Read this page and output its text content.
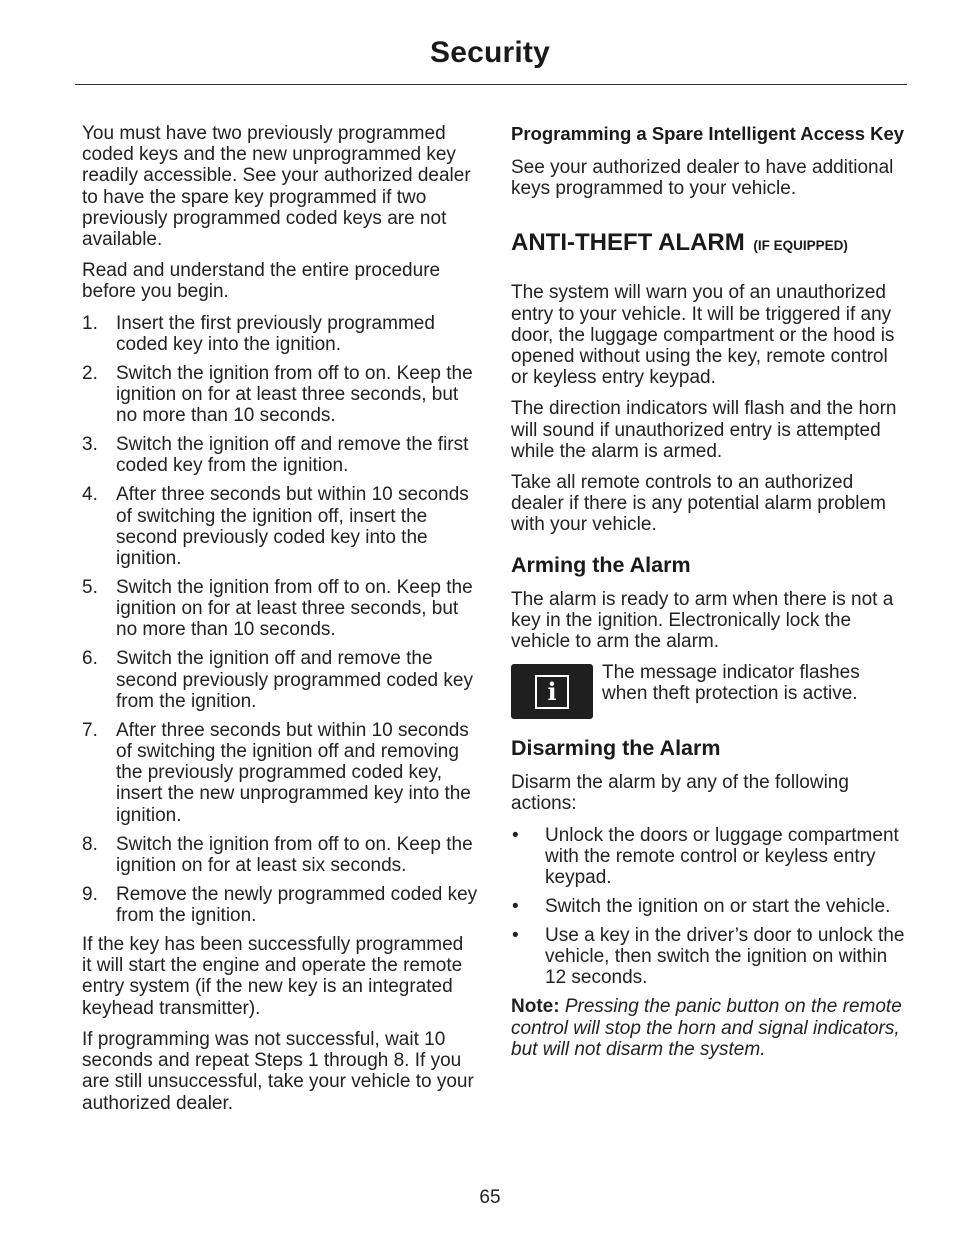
Security

You must have two previously programmed coded keys and the new unprogrammed key readily accessible. See your authorized dealer to have the spare key programmed if two previously programmed coded keys are not available.

Read and understand the entire procedure before you begin.

1. Insert the first previously programmed coded key into the ignition.
2. Switch the ignition from off to on. Keep the ignition on for at least three seconds, but no more than 10 seconds.
3. Switch the ignition off and remove the first coded key from the ignition.
4. After three seconds but within 10 seconds of switching the ignition off, insert the second previously coded key into the ignition.
5. Switch the ignition from off to on. Keep the ignition on for at least three seconds, but no more than 10 seconds.
6. Switch the ignition off and remove the second previously programmed coded key from the ignition.
7. After three seconds but within 10 seconds of switching the ignition off and removing the previously programmed coded key, insert the new unprogrammed key into the ignition.
8. Switch the ignition from off to on. Keep the ignition on for at least six seconds.
9. Remove the newly programmed coded key from the ignition.

If the key has been successfully programmed it will start the engine and operate the remote entry system (if the new key is an integrated keyhead transmitter).

If programming was not successful, wait 10 seconds and repeat Steps 1 through 8. If you are still unsuccessful, take your vehicle to your authorized dealer.

Programming a Spare Intelligent Access Key

See your authorized dealer to have additional keys programmed to your vehicle.

ANTI-THEFT ALARM (IF EQUIPPED)

The system will warn you of an unauthorized entry to your vehicle. It will be triggered if any door, the luggage compartment or the hood is opened without using the key, remote control or keyless entry keypad.

The direction indicators will flash and the horn will sound if unauthorized entry is attempted while the alarm is armed.

Take all remote controls to an authorized dealer if there is any potential alarm problem with your vehicle.

Arming the Alarm

The alarm is ready to arm when there is not a key in the ignition. Electronically lock the vehicle to arm the alarm.

i
The message indicator flashes when theft protection is active.
Disarming the Alarm

Disarm the alarm by any of the following actions:

•	Unlock the doors or luggage compartment with the remote control or keyless entry keypad.
•	Switch the ignition on or start the vehicle.
•	Use a key in the driver’s door to unlock the vehicle, then switch the ignition on within 12 seconds.

Note: Pressing the panic button on the remote control will stop the horn and signal indicators, but will not disarm the system.

65
